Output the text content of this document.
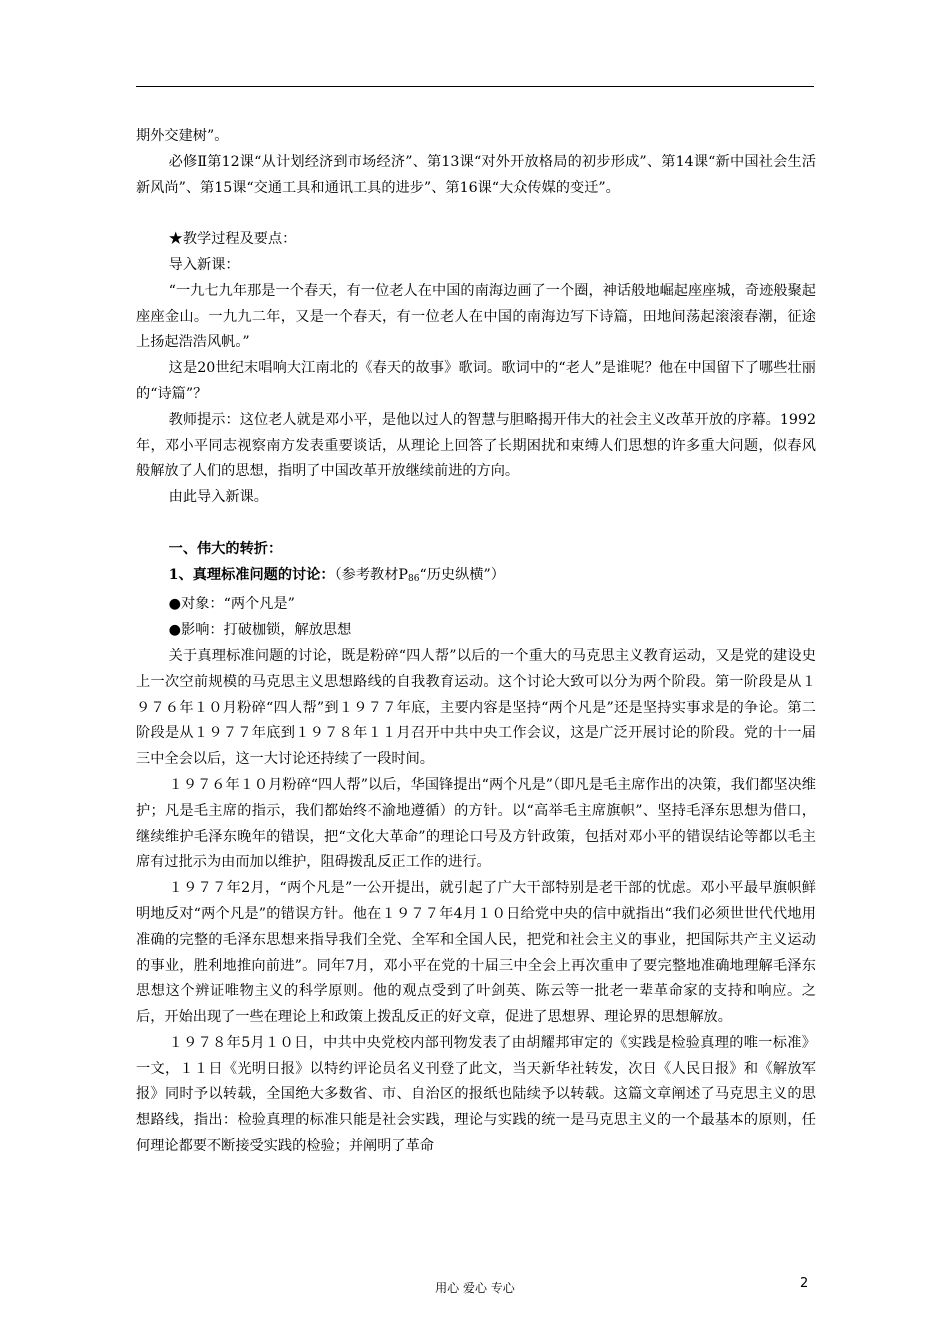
期外交建树”。

必修Ⅱ第12课“从计划经济到市场经济”、第13课“对外开放格局的初步形成”、第14课“新中国社会生活新风尚”、第15课“交通工具和通讯工具的进步”、第16课“大众传媒的变迁”。

★教学过程及要点：

导入新课：

“一九七九年那是一个春天，有一位老人在中国的南海边画了一个圈，神话般地崛起座座城，奇迹般聚起座座金山。一九九二年，又是一个春天，有一位老人在中国的南海边写下诗篇，田地间荡起滚滚春潮，征途上扬起浩浩风帆。”

这是20世纪末唱响大江南北的《春天的故事》歌词。歌词中的“老人”是谁呢？他在中国留下了哪些壮丽的“诗篇”？

教师提示：这位老人就是邓小平，是他以过人的智慧与胆略揭开伟大的社会主义改革开放的序幕。1992年，邓小平同志视察南方发表重要谈话，从理论上回答了长期困扰和束缚人们思想的许多重大问题，似春风般解放了人们的思想，指明了中国改革开放继续前进的方向。

由此导入新课。

一、伟大的转折：

1、真理标准问题的讨论：（参考教材$P_{86}“$历史纵横”）

●对象：“两个凡是”

●影响：打破枷锁，解放思想

关于真理标准问题的讨论，既是粉碎“四人帮”以后的一个重大的马克思主义教育运动，又是党的建设史上一次空前规模的马克思主义思想路线的自我教育运动。这个讨论大致可以分为两个阶段。第一阶段是从１９７６年１０月粉碎“四人帮”到１９７７年底，主要内容是坚持“两个凡是”还是坚持实事求是的争论。第二阶段是从１９７７年底到１９７８年１１月召开中共中央工作会议，这是广泛开展讨论的阶段。党的十一届三中全会以后，这一大讨论还持续了一段时间。

１９７６年１０月粉碎“四人帮”以后，华国锋提出“两个凡是”（即凡是毛主席作出的决策，我们都坚决维护；凡是毛主席的指示，我们都始终不渝地遵循）的方针。以“高举毛主席旗帜”、坚持毛泽东思想为借口，继续维护毛泽东晚年的错误，把“文化大革命”的理论口号及方针政策，包括对邓小平的错误结论等都以毛主席有过批示为由而加以维护，阻碍拨乱反正工作的进行。

１９７７年2月，“两个凡是”一公开提出，就引起了广大干部特别是老干部的忧虑。邓小平最早旗帜鲜明地反对“两个凡是”的错误方针。他在１９７７年4月１０日给党中央的信中就指出“我们必须世世代代地用准确的完整的毛泽东思想来指导我们全党、全军和全国人民，把党和社会主义的事业，把国际共产主义运动的事业，胜利地推向前进”。同年7月，邓小平在党的十届三中全会上再次重申了要完整地准确地理解毛泽东思想这个辨证唯物主义的科学原则。他的观点受到了叶剑英、陈云等一批老一辈革命家的支持和响应。之后，开始出现了一些在理论上和政策上拨乱反正的好文章，促进了思想界、理论界的思想解放。

１９７８年5月１０日，中共中央党校内部刊物发表了由胡耀邦审定的《实践是检验真理的唯一标准》一文，１１日《光明日报》以特约评论员名义刊登了此文，当天新华社转发，次日《人民日报》和《解放军报》同时予以转载，全国绝大多数省、市、自治区的报纸也陆续予以转载。这篇文章阐述了马克思主义的思想路线，指出：检验真理的标准只能是社会实践，理论与实践的统一是马克思主义的一个最基本的原则，任何理论都要不断接受实践的检验；并阐明了革命

用心 爱心 专心	2
